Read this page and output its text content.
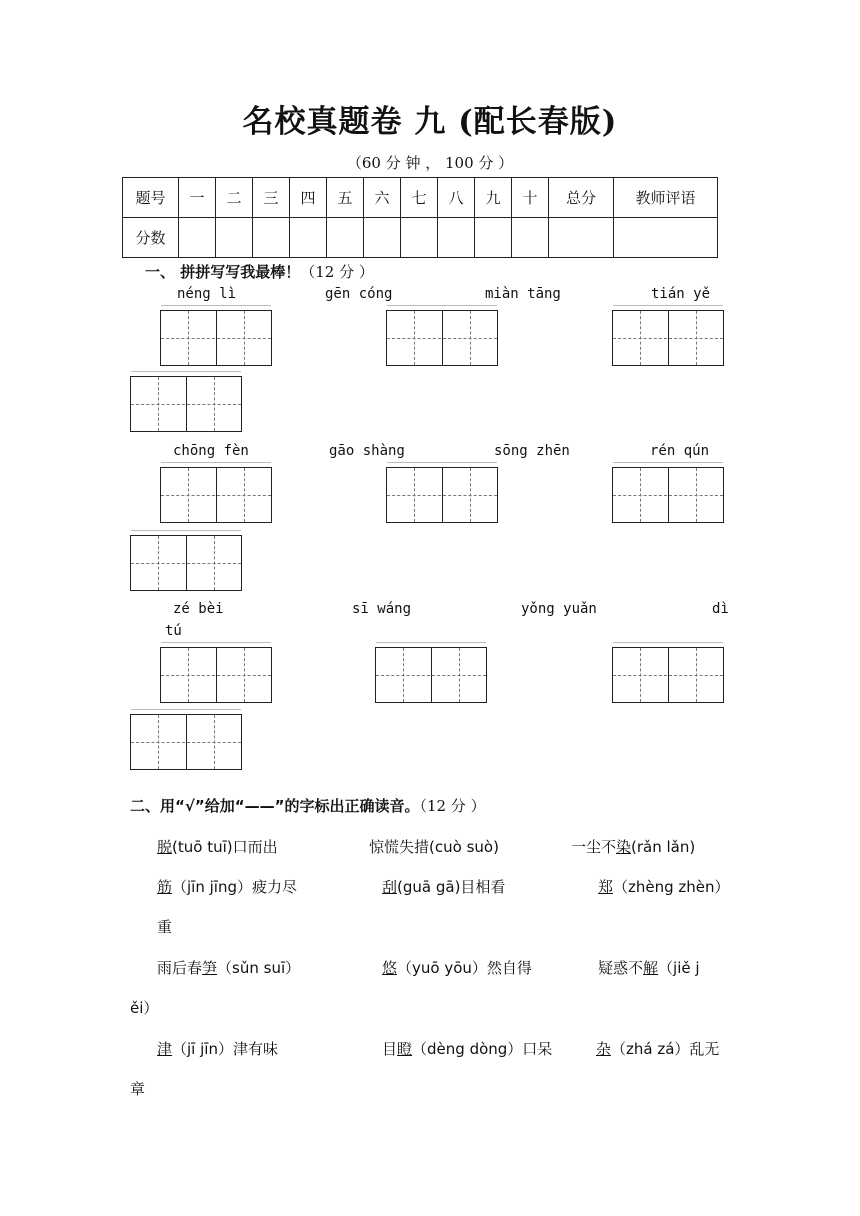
名校真题卷 九 (配长春版)
（60 分 钟 ， 100 分 ）
题号	一	二	三	四	五	六	七	八	九	十	总分	教师评语
分数												
一、 拼拼写写我最棒！（12 分 ）
néng lì	gēn cóng	miàn tāng	tián yě
chōng fèn	gāo shàng	sōng zhēn	rén qún
zé bèi	sī wáng	yǒng yuǎn	dì
tú
二、用“√”给加“——”的字标出正确读音。（12 分 ）
脱(tuō tuī)口而出	惊慌失措(cuò suò)	一尘不染(rǎn lǎn)
筋（jīn jīng）疲力尽	刮(guā gā)目相看	郑（zhèng zhèn）
重
雨后春笋（sǔn suī）	悠（yuō yōu）然自得	疑惑不解（jiě j
ěi）
津（jī jīn）津有味	目瞪（dèng dòng）口呆	杂（zhá zá）乱无
章
